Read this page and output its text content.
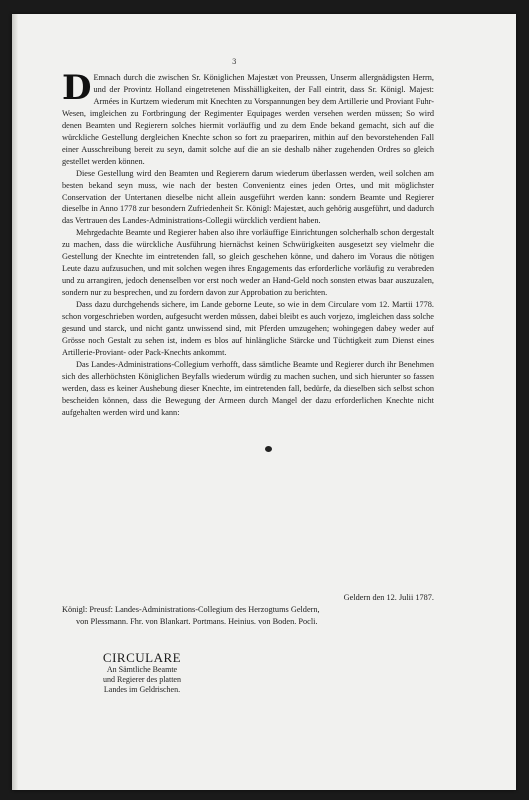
3

D Emnach durch die zwischen Sr. Königlichen Majestæt von Preussen, Unserm allergnädigsten Herrn, und der Provintz Holland eingetretenen Misshälligkeiten, der Fall eintrit, dass Sr. Königl. Majest: Armées in Kurtzem wiederum mit Knechten zu Vorspannungen bey dem Artillerie und Proviant Fuhr-Wesen, imgleichen zu Fortbringung der Regimenter Equipages werden versehen werden müssen; So wird denen Beamten und Regierern solches hiermit vorläuffig und zu dem Ende bekand gemacht, sich auf die würckliche Gestellung dergleichen Knechte schon so fort zu praepariren, mithin auf den bevorstehenden Fall einer Ausschreibung bereit zu seyn, damit solche auf die an sie deshalb näher zugehenden Ordres so gleich gestellet werden können.

Diese Gestellung wird den Beamten und Regierern darum wiederum überlassen werden, weil solchen am besten bekand seyn muss, wie nach der besten Convenientz eines jeden Ortes, und mit möglichster Conservation der Untertanen dieselbe nicht allein ausgeführt werden kann: sondern Beamte und Regierer dieselbe in Anno 1778 zur besondern Zufriedenheit Sr. Königl: Majestæt, auch gehörig ausgeführt, und dadurch das Vertrauen des Landes-Administrations-Collegii würcklich verdient haben.

Mehrgedachte Beamte und Regierer haben also ihre vorläuffige Einrichtungen solcherhalb schon dergestalt zu machen, dass die würckliche Ausführung hiernächst keinen Schwürigkeiten ausgesetzt sey vielmehr die Gestellung der Knechte im eintretenden fall, so gleich geschehen könne, und dahero im Voraus die nötigen Leute dazu aufzusuchen, und mit solchen wegen ihres Engagements das erforderliche vorläufig zu verabreden und zu arrangiren, jedoch denenselben vor erst noch weder an Hand-Geld noch sonsten etwas baar auszuzalen, sondern nur zu besprechen, und zu fordern davon zur Approbation zu berichten.

Dass dazu durchgehends sichere, im Lande geborne Leute, so wie in dem Circulare vom 12. Martii 1778. schon vorgeschrieben worden, aufgesucht werden müssen, dabei bleibt es auch vorjezo, imgleichen dass solche gesund und starck, und nicht gantz unwissend sind, mit Pferden umzugehen; wohingegen dabey weder auf Grösse noch Gestalt zu sehen ist, indem es blos auf hinlängliche Stärcke und Tüchtigkeit zum Dienst eines Artillerie-Proviant- oder Pack-Knechts ankommt.

Das Landes-Administrations-Collegium verhofft, dass sämtliche Beamte und Regierer durch ihr Benehmen sich des allerhöchsten Königlichen Beyfalls wiederum würdig zu machen suchen, und sich hierunter so fassen werden, dass es keiner Aushebung dieser Knechte, im eintretenden fall, bedürfe, da dieselben sich selbst schon bescheiden können, dass die Bewegung der Armeen durch Mangel der dazu erforderlichen Knechte nicht aufgehalten werden wird und kann:

Geldern den 12. Julii 1787.
Königl: Preusf: Landes-Administrations-Collegium des Herzogtums Geldern,
von Plessmann. Fhr. von Blankart. Portmans. Heinius. von Boden. Pocli.
CIRCULARE
An Sämtliche Beamte
und Regierer des platten
Landes im Geldrischen.
